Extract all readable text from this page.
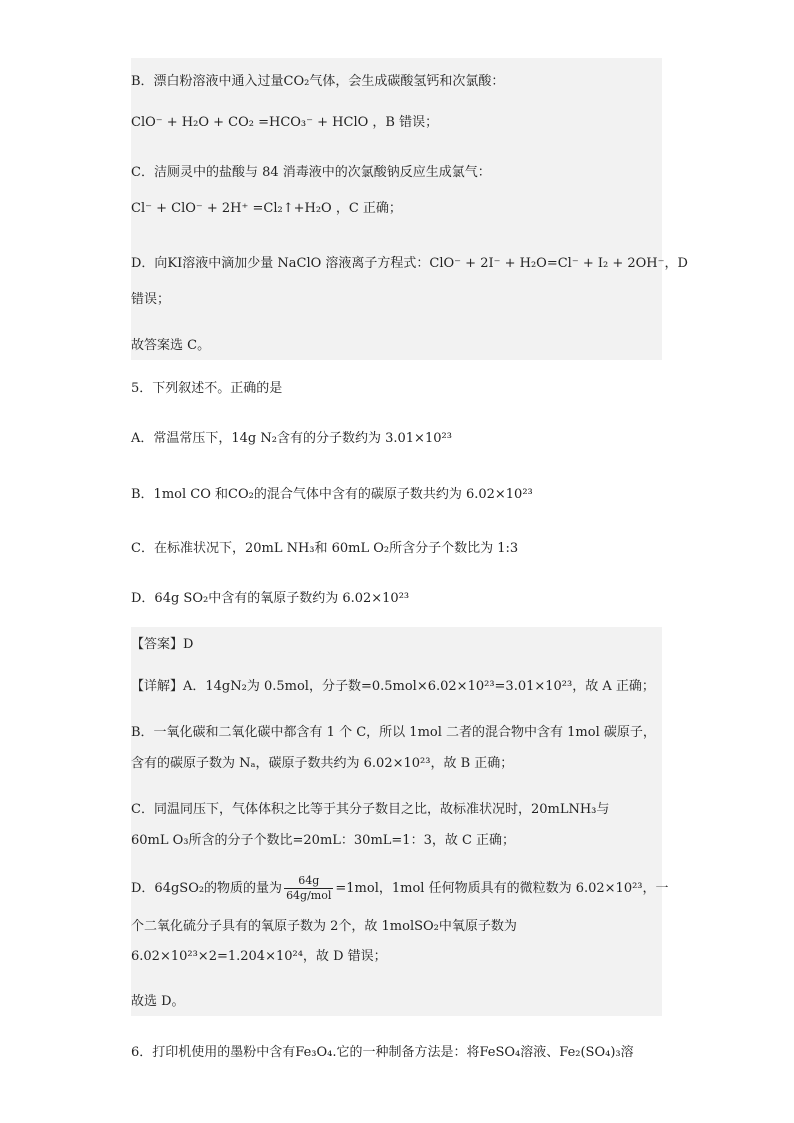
B．漂白粉溶液中通入过量CO₂气体，会生成碳酸氢钙和次氯酸：
ClO⁻ + H₂O + CO₂ =HCO₃⁻ + HClO ，B 错误；
C．洁厕灵中的盐酸与 84 消毒液中的次氯酸钠反应生成氯气：
Cl⁻ + ClO⁻ + 2H⁺ =Cl₂↑+H₂O ，C 正确；
D．向KI溶液中滴加少量 NaClO 溶液离子方程式：ClO⁻ + 2I⁻ + H₂O=Cl⁻ + I₂ + 2OH⁻，D
错误；
故答案选 C。
5．下列叙述不。正确的是
A．常温常压下，14g N₂含有的分子数约为 3.01×10²³
B．1mol CO 和CO₂的混合气体中含有的碳原子数共约为 6.02×10²³
C．在标准状况下，20mL NH₃和 60mL O₂所含分子个数比为 1:3
D．64g SO₂中含有的氧原子数约为 6.02×10²³
【答案】D
【详解】A．14gN₂为 0.5mol，分子数=0.5mol×6.02×10²³=3.01×10²³，故 A 正确；
B．一氧化碳和二氧化碳中都含有 1 个 C，所以 1mol 二者的混合物中含有 1mol 碳原子，
含有的碳原子数为 Nₐ，碳原子数共约为 6.02×10²³，故 B 正确；
C．同温同压下，气体体积之比等于其分子数目之比，故标准状况时，20mLNH₃与
60mL O₃所含的分子个数比=20mL：30mL=1：3，故 C 正确；
D．64gSO₂的物质的量为 $\frac{64g}{\text{64g/mol}} =1mol$，1mol 任何物质具有的微粒数为 6.02×10²³，一
个二氧化硫分子具有的氧原子数为 2个，故 1molSO₂中氧原子数为
6.02×10²³×2=1.204×10²⁴，故 D 错误；
故选 D。
6．打印机使用的墨粉中含有Fe₃O₄.它的一种制备方法是：将FeSO₄溶液、Fe₂(SO₄)₃溶
